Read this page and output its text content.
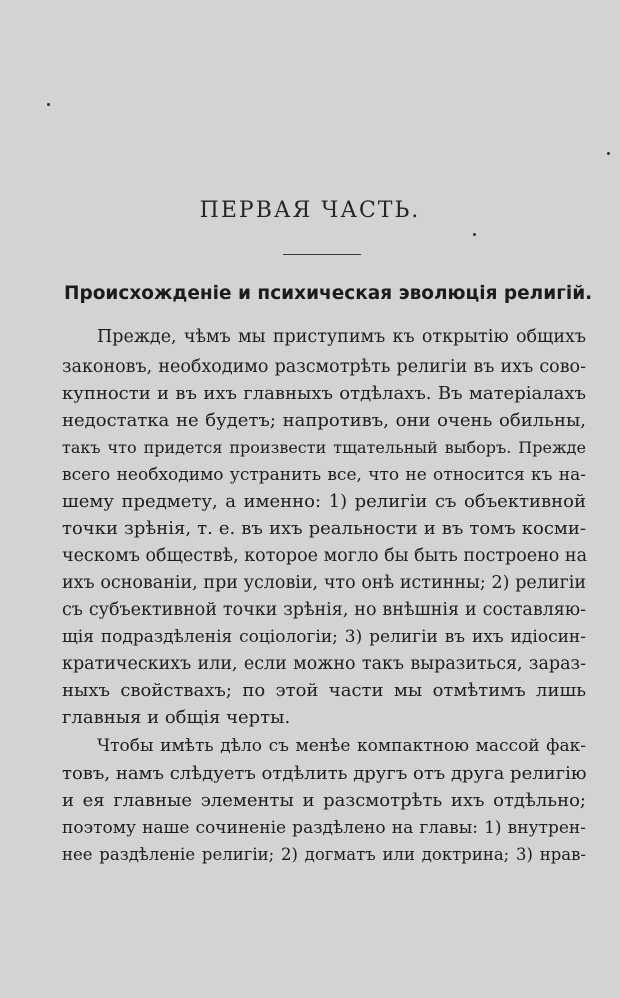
ПЕРВАЯ ЧАСТЬ.
Происхожденіе и психическая эволюція религій.
Прежде, чѣмъ мы приступимъ къ открытію общихъ
законовъ, необходимо разсмотрѣть религіи въ ихъ сово-
купности и въ ихъ главныхъ отдѣлахъ. Въ матеріалахъ
недостатка не будетъ; напротивъ, они очень обильны,
такъ что придется произвести тщательный выборъ. Прежде
всего необходимо устранить все, что не относится къ на-
шему предмету, а именно: 1) религіи съ объективной
точки зрѣнія, т. е. въ ихъ реальности и въ томъ косми-
ческомъ обществѣ, которое могло бы быть построено на
ихъ основаніи, при условіи, что онѣ истинны; 2) религіи
съ субъективной точки зрѣнія, но внѣшнія и составляю-
щія подраздѣленія соціологіи; 3) религіи въ ихъ идіосин-
кратическихъ или, если можно такъ выразиться, зараз-
ныхъ свойствахъ; по этой части мы отмѣтимъ лишь
главныя и общія черты.
Чтобы имѣть дѣло съ менѣе компактною массой фак-
товъ, намъ слѣдуетъ отдѣлить другъ отъ друга религію
и ея главные элементы и разсмотрѣть ихъ отдѣльно;
поэтому наше сочиненіе раздѣлено на главы: 1) внутрен-
нее раздѣленіе религіи; 2) догматъ или доктрина; 3) нрав-
